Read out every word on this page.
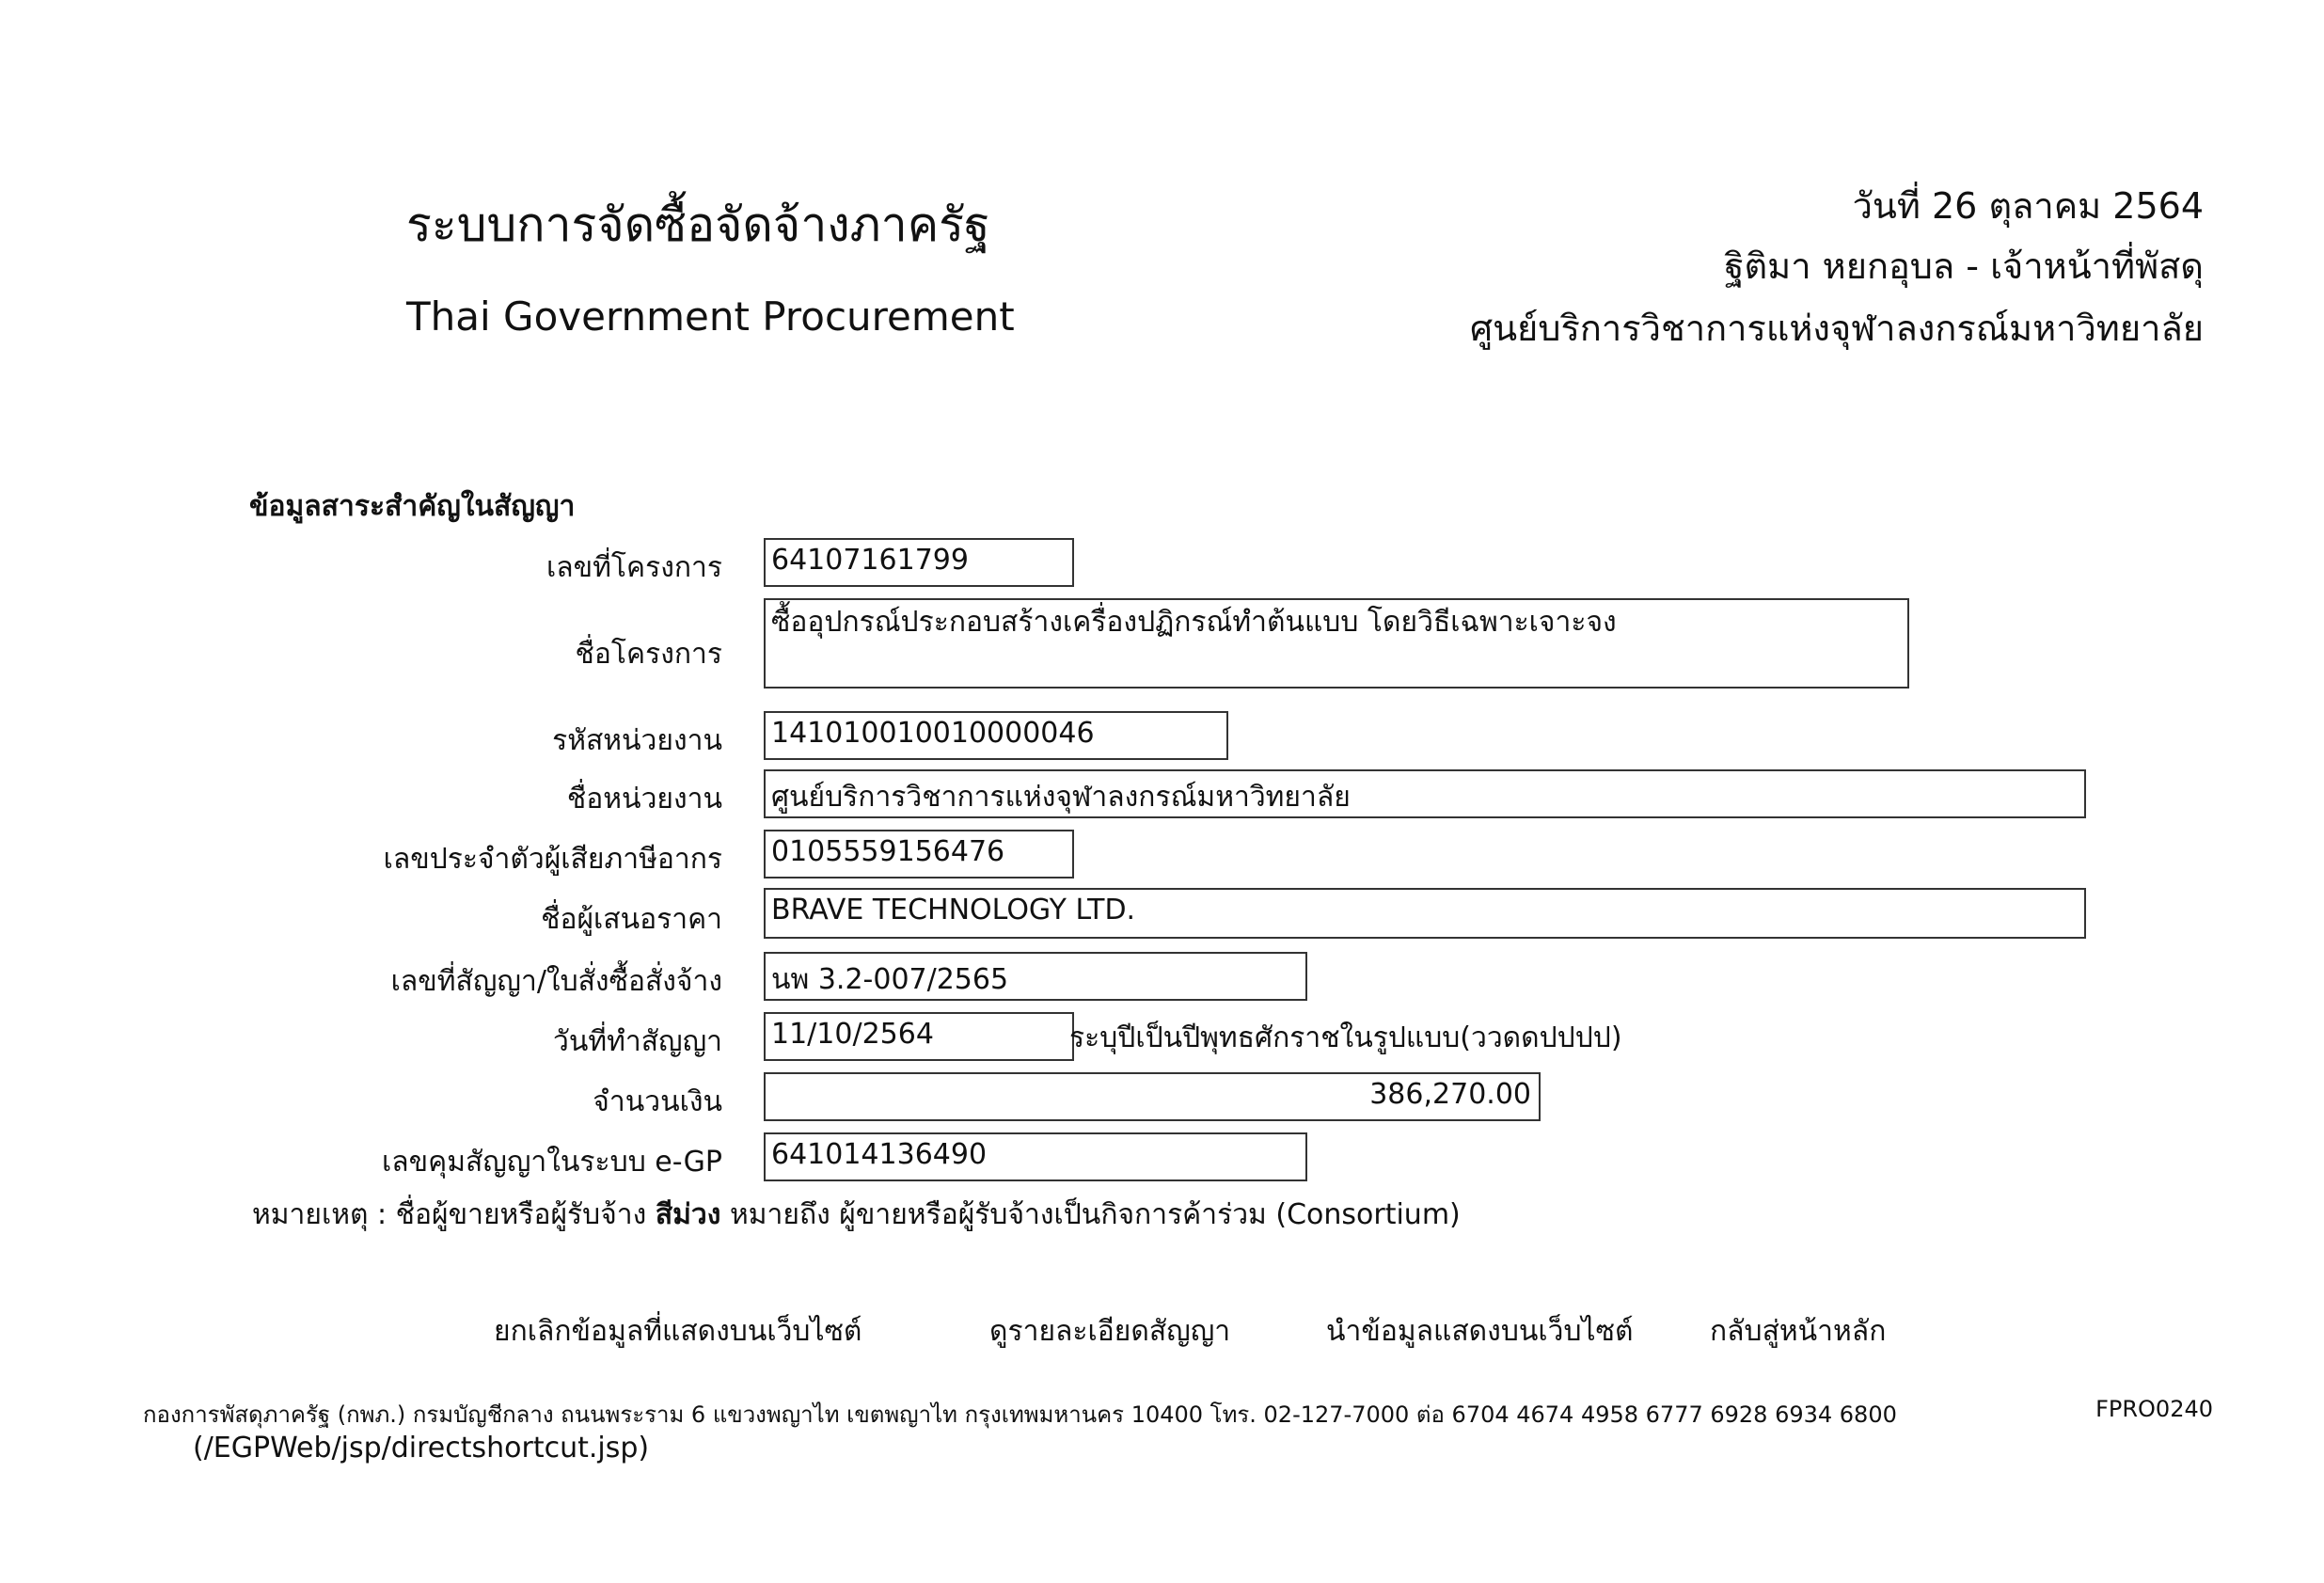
ระบบการจัดซื้อจัดจ้างภาครัฐ
Thai Government Procurement
วันที่ 26 ตุลาคม 2564
ฐิติมา หยกอุบล - เจ้าหน้าที่พัสดุ
ศูนย์บริการวิชาการแห่งจุฬาลงกรณ์มหาวิทยาลัย
ข้อมูลสาระสำคัญในสัญญา
เลขที่โครงการ 64107161799
ชื่อโครงการ
ซื้ออุปกรณ์ประกอบสร้างเครื่องปฏิกรณ์ทำต้นแบบ โดยวิธีเฉพาะเจาะจง
รหัสหน่วยงาน 141010010010000046
ชื่อหน่วยงาน ศูนย์บริการวิชาการแห่งจุฬาลงกรณ์มหาวิทยาลัย
เลขประจำตัวผู้เสียภาษีอากร 0105559156476
ชื่อผู้เสนอราคา BRAVE TECHNOLOGY LTD.
เลขที่สัญญา/ใบสั่งซื้อสั่งจ้าง นพ 3.2-007/2565
วันที่ทำสัญญา 11/10/2564	ระบุปีเป็นปีพุทธศักราชในรูปแบบ(ววดดปปปป)
จำนวนเงิน	386,270.00
เลขคุมสัญญาในระบบ e-GP 641014136490
หมายเหตุ : ชื่อผู้ขายหรือผู้รับจ้าง สีม่วง หมายถึง ผู้ขายหรือผู้รับจ้างเป็นกิจการค้าร่วม (Consortium)
ยกเลิกข้อมูลที่แสดงบนเว็บไซต์	ดูรายละเอียดสัญญา	นำข้อมูลแสดงบนเว็บไซต์	กลับสู่หน้าหลัก
กองการพัสดุภาครัฐ (กพภ.) กรมบัญชีกลาง ถนนพระราม 6 แขวงพญาไท เขตพญาไท กรุงเทพมหานคร 10400 โทร. 02-127-7000 ต่อ 6704 4674 4958 6777 6928 6934 6800	FPRO0240
(/EGPWeb/jsp/directshortcut.jsp)
